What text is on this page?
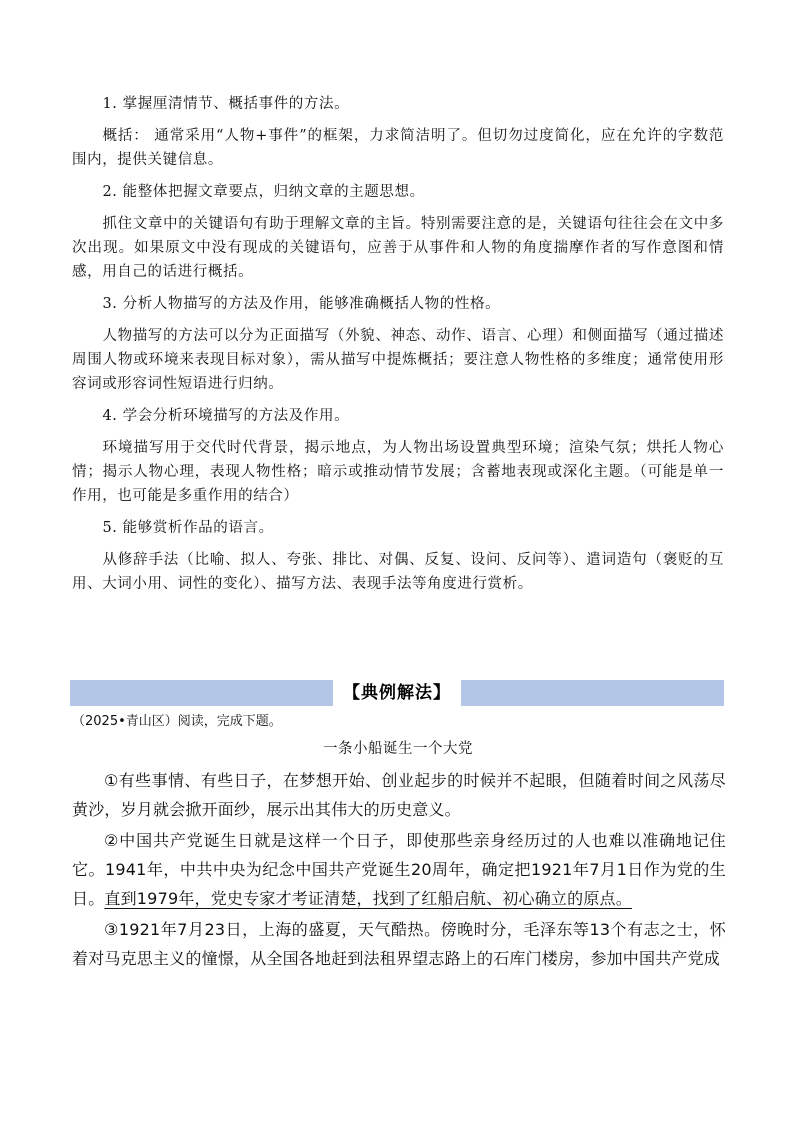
1. 掌握厘清情节、概括事件的方法。

概括： 通常采用“人物+事件”的框架，力求简洁明了。但切勿过度简化，应在允许的字数范围内，提供关键信息。

2. 能整体把握文章要点，归纳文章的主题思想。

抓住文章中的关键语句有助于理解文章的主旨。特别需要注意的是，关键语句往往会在文中多次出现。如果原文中没有现成的关键语句，应善于从事件和人物的角度揣摩作者的写作意图和情感，用自己的话进行概括。

3. 分析人物描写的方法及作用，能够准确概括人物的性格。

人物描写的方法可以分为正面描写（外貌、神态、动作、语言、心理）和侧面描写（通过描述周围人物或环境来表现目标对象），需从描写中提炼概括；要注意人物性格的多维度；通常使用形容词或形容词性短语进行归纳。

4. 学会分析环境描写的方法及作用。

环境描写用于交代时代背景，揭示地点，为人物出场设置典型环境；渲染气氛；烘托人物心情；揭示人物心理，表现人物性格；暗示或推动情节发展；含蓄地表现或深化主题。（可能是单一作用，也可能是多重作用的结合）

5. 能够赏析作品的语言。

从修辞手法（比喻、拟人、夸张、排比、对偶、反复、设问、反问等）、遣词造句（褒贬的互用、大词小用、词性的变化）、描写方法、表现手法等角度进行赏析。

【典例解法】
（2025•青山区）阅读，完成下题。
一条小船诞生一个大党

①有些事情、有些日子，在梦想开始、创业起步的时候并不起眼，但随着时间之风荡尽黄沙，岁月就会掀开面纱，展示出其伟大的历史意义。

②中国共产党诞生日就是这样一个日子，即使那些亲身经历过的人也难以准确地记住它。1941年，中共中央为纪念中国共产党诞生20周年，确定把1921年7月1日作为党的生日。直到1979年，党史专家才考证清楚，找到了红船启航、初心确立的原点。

③1921年7月23日，上海的盛夏，天气酷热。傍晚时分，毛泽东等13个有志之士，怀着对马克思主义的憧憬，从全国各地赶到法租界望志路上的石库门楼房，参加中国共产党成
